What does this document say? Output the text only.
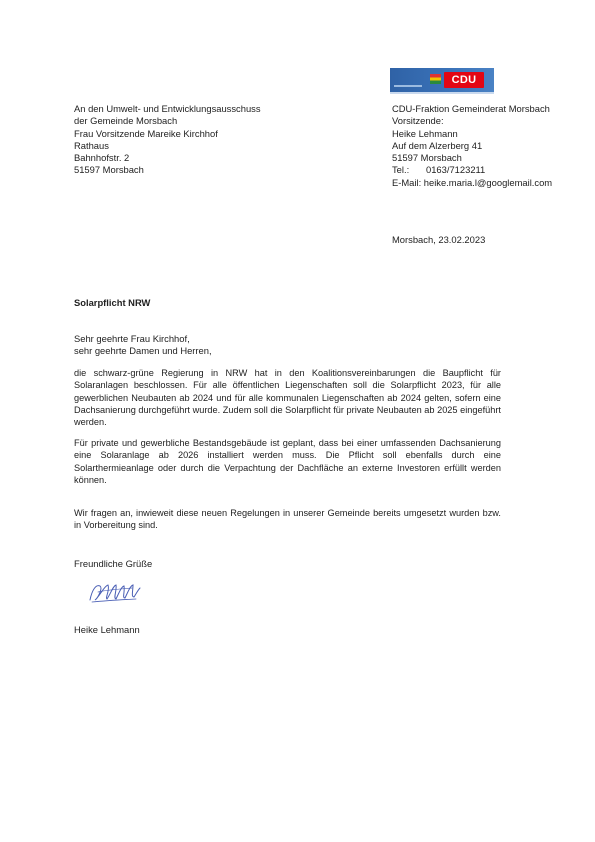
CDU
An den Umwelt- und Entwicklungsausschuss
der Gemeinde Morsbach
Frau Vorsitzende Mareike Kirchhof
Rathaus
Bahnhofstr. 2
51597 Morsbach
CDU-Fraktion Gemeinderat Morsbach
Vorsitzende:
Heike Lehmann
Auf dem Alzerberg 41
51597 Morsbach
Tel.: 0163/7123211
E-Mail: heike.maria.l@googlemail.com
Morsbach, 23.02.2023
Solarpflicht NRW
Sehr geehrte Frau Kirchhof,
sehr geehrte Damen und Herren,
die schwarz-grüne Regierung in NRW hat in den Koalitionsvereinbarungen die Baupflicht für Solaranlagen beschlossen. Für alle öffentlichen Liegenschaften soll die Solarpflicht 2023, für alle gewerblichen Neubauten ab 2024 und für alle kommunalen Liegenschaften ab 2024 gelten, sofern eine Dachsanierung durchgeführt wurde. Zudem soll die Solarpflicht für private Neubauten ab 2025 eingeführt werden.
Für private und gewerbliche Bestandsgebäude ist geplant, dass bei einer umfassenden Dachsanierung eine Solaranlage ab 2026 installiert werden muss. Die Pflicht soll ebenfalls durch eine Solarthermieanlage oder durch die Verpachtung der Dachfläche an externe Investoren erfüllt werden können.
Wir fragen an, inwieweit diese neuen Regelungen in unserer Gemeinde bereits umgesetzt wurden bzw. in Vorbereitung sind.
Freundliche Grüße
Heike Lehmann
